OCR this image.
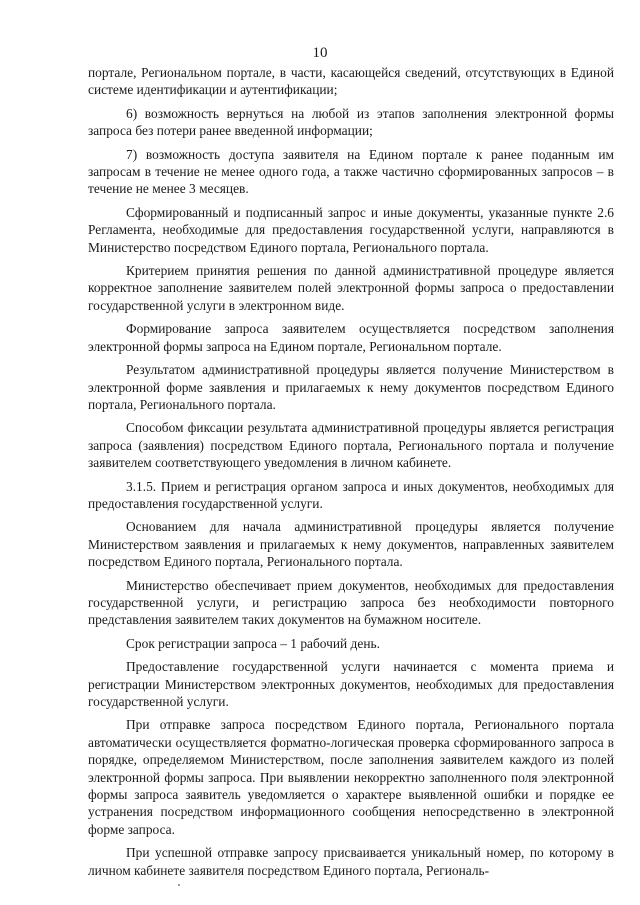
10

порталe, Региональном портале, в части, касающейся сведений, отсутствующих в Единой системе идентификации и аутентификации;

6) возможность вернуться на любой из этапов заполнения электронной формы запроса без потери ранее введенной информации;

7) возможность доступа заявителя на Едином портале к ранее поданным им запросам в течение не менее одного года, а также частично сформированных запросов – в течение не менее 3 месяцев.

Сформированный и подписанный запрос и иные документы, указанные пункте 2.6 Регламента, необходимые для предоставления государственной услуги, направляются в Министерство посредством Единого портала, Регионального портала.

Критерием принятия решения по данной административной процедуре является корректное заполнение заявителем полей электронной формы запроса о предоставлении государственной услуги в электронном виде.

Формирование запроса заявителем осуществляется посредством заполнения электронной формы запроса на Едином портале, Региональном портале.

Результатом административной процедуры является получение Министерством в электронной форме заявления и прилагаемых к нему документов посредством Единого портала, Регионального портала.

Способом фиксации результата административной процедуры является регистрация запроса (заявления) посредством Единого портала, Регионального портала и получение заявителем соответствующего уведомления в личном кабинете.

3.1.5. Прием и регистрация органом запроса и иных документов, необходимых для предоставления государственной услуги.

Основанием для начала административной процедуры является получение Министерством заявления и прилагаемых к нему документов, направленных заявителем посредством Единого портала, Регионального портала.

Министерство обеспечивает прием документов, необходимых для предоставления государственной услуги, и регистрацию запроса без необходимости повторного представления заявителем таких документов на бумажном носителе.

Срок регистрации запроса – 1 рабочий день.

Предоставление государственной услуги начинается с момента приема и регистрации Министерством электронных документов, необходимых для предоставления государственной услуги.

При отправке запроса посредством Единого портала, Регионального портала автоматически осуществляется форматно-логическая проверка сформированного запроса в порядке, определяемом Министерством, после заполнения заявителем каждого из полей электронной формы запроса. При выявлении некорректно заполненного поля электронной формы запроса заявитель уведомляется о характере выявленной ошибки и порядке ее устранения посредством информационного сообщения непосредственно в электронной форме запроса.

При успешной отправке запросу присваивается уникальный номер, по которому в личном кабинете заявителя посредством Единого портала, Региональ-
